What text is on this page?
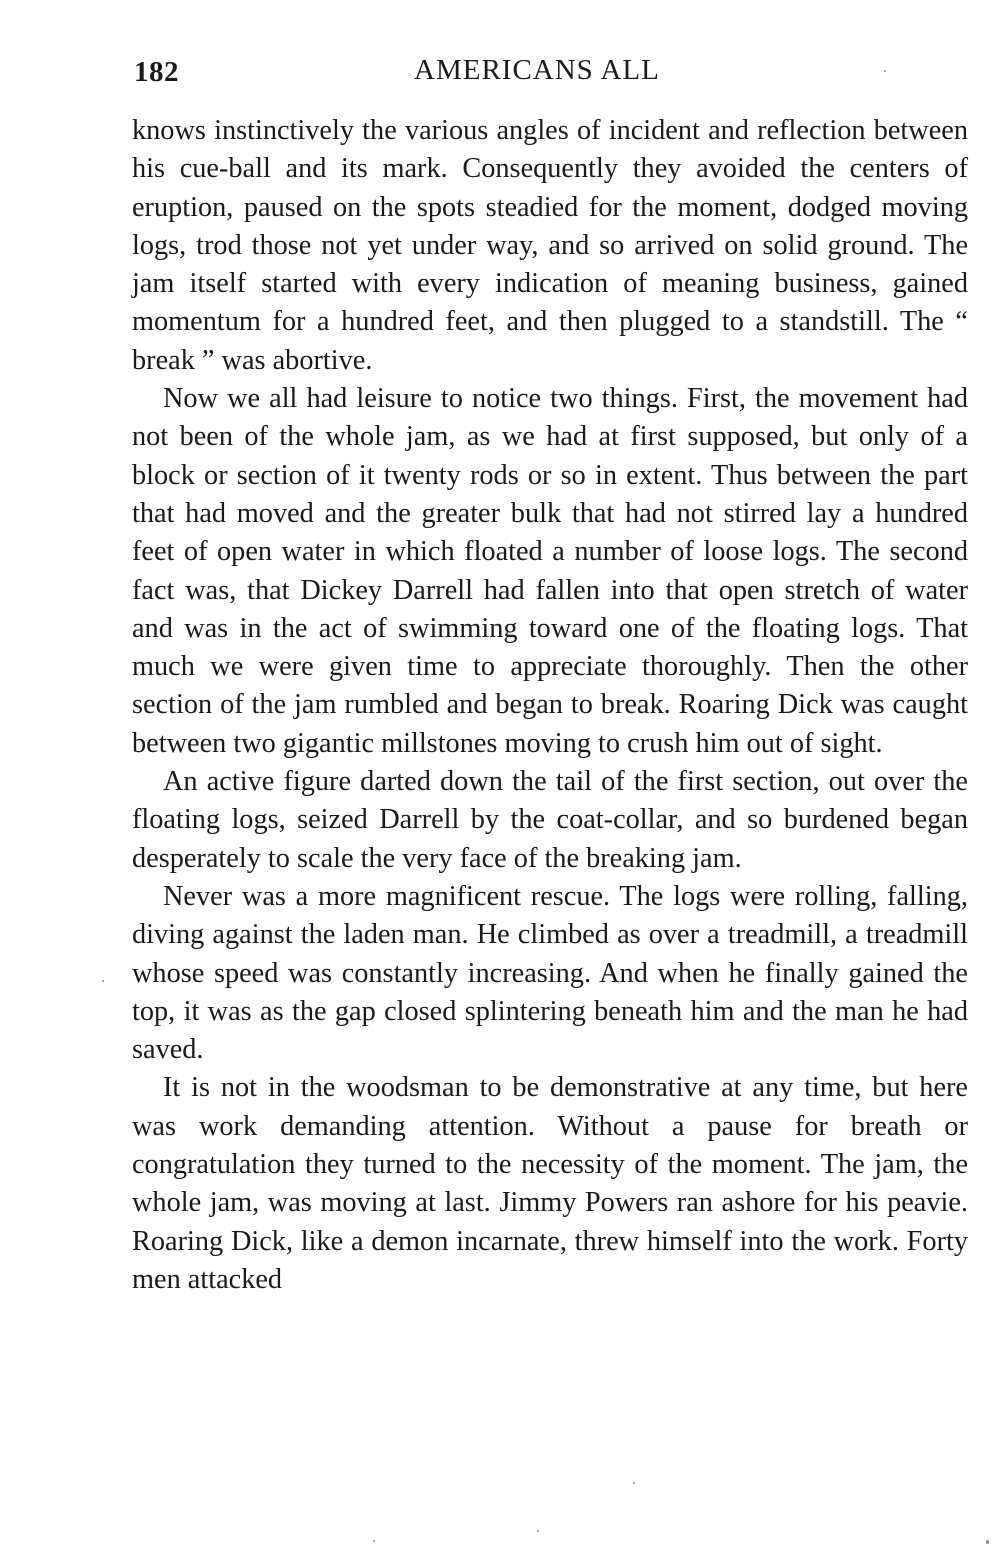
182	AMERICANS ALL

knows instinctively the various angles of incident and reflection between his cue-ball and its mark. Consequently they avoided the centers of eruption, paused on the spots steadied for the moment, dodged moving logs, trod those not yet under way, and so arrived on solid ground. The jam itself started with every indication of meaning business, gained momentum for a hundred feet, and then plugged to a standstill. The “ break ” was abortive.

Now we all had leisure to notice two things. First, the movement had not been of the whole jam, as we had at first supposed, but only of a block or section of it twenty rods or so in extent. Thus between the part that had moved and the greater bulk that had not stirred lay a hundred feet of open water in which floated a number of loose logs. The second fact was, that Dickey Darrell had fallen into that open stretch of water and was in the act of swimming toward one of the floating logs. That much we were given time to appreciate thoroughly. Then the other section of the jam rumbled and began to break. Roaring Dick was caught between two gigantic millstones moving to crush him out of sight.

An active figure darted down the tail of the first section, out over the floating logs, seized Darrell by the coat-collar, and so burdened began desperately to scale the very face of the breaking jam.

Never was a more magnificent rescue. The logs were rolling, falling, diving against the laden man. He climbed as over a treadmill, a treadmill whose speed was constantly increasing. And when he finally gained the top, it was as the gap closed splintering beneath him and the man he had saved.

It is not in the woodsman to be demonstrative at any time, but here was work demanding attention. Without a pause for breath or congratulation they turned to the necessity of the moment. The jam, the whole jam, was moving at last. Jimmy Powers ran ashore for his peavie. Roaring Dick, like a demon incarnate, threw himself into the work. Forty men attacked
